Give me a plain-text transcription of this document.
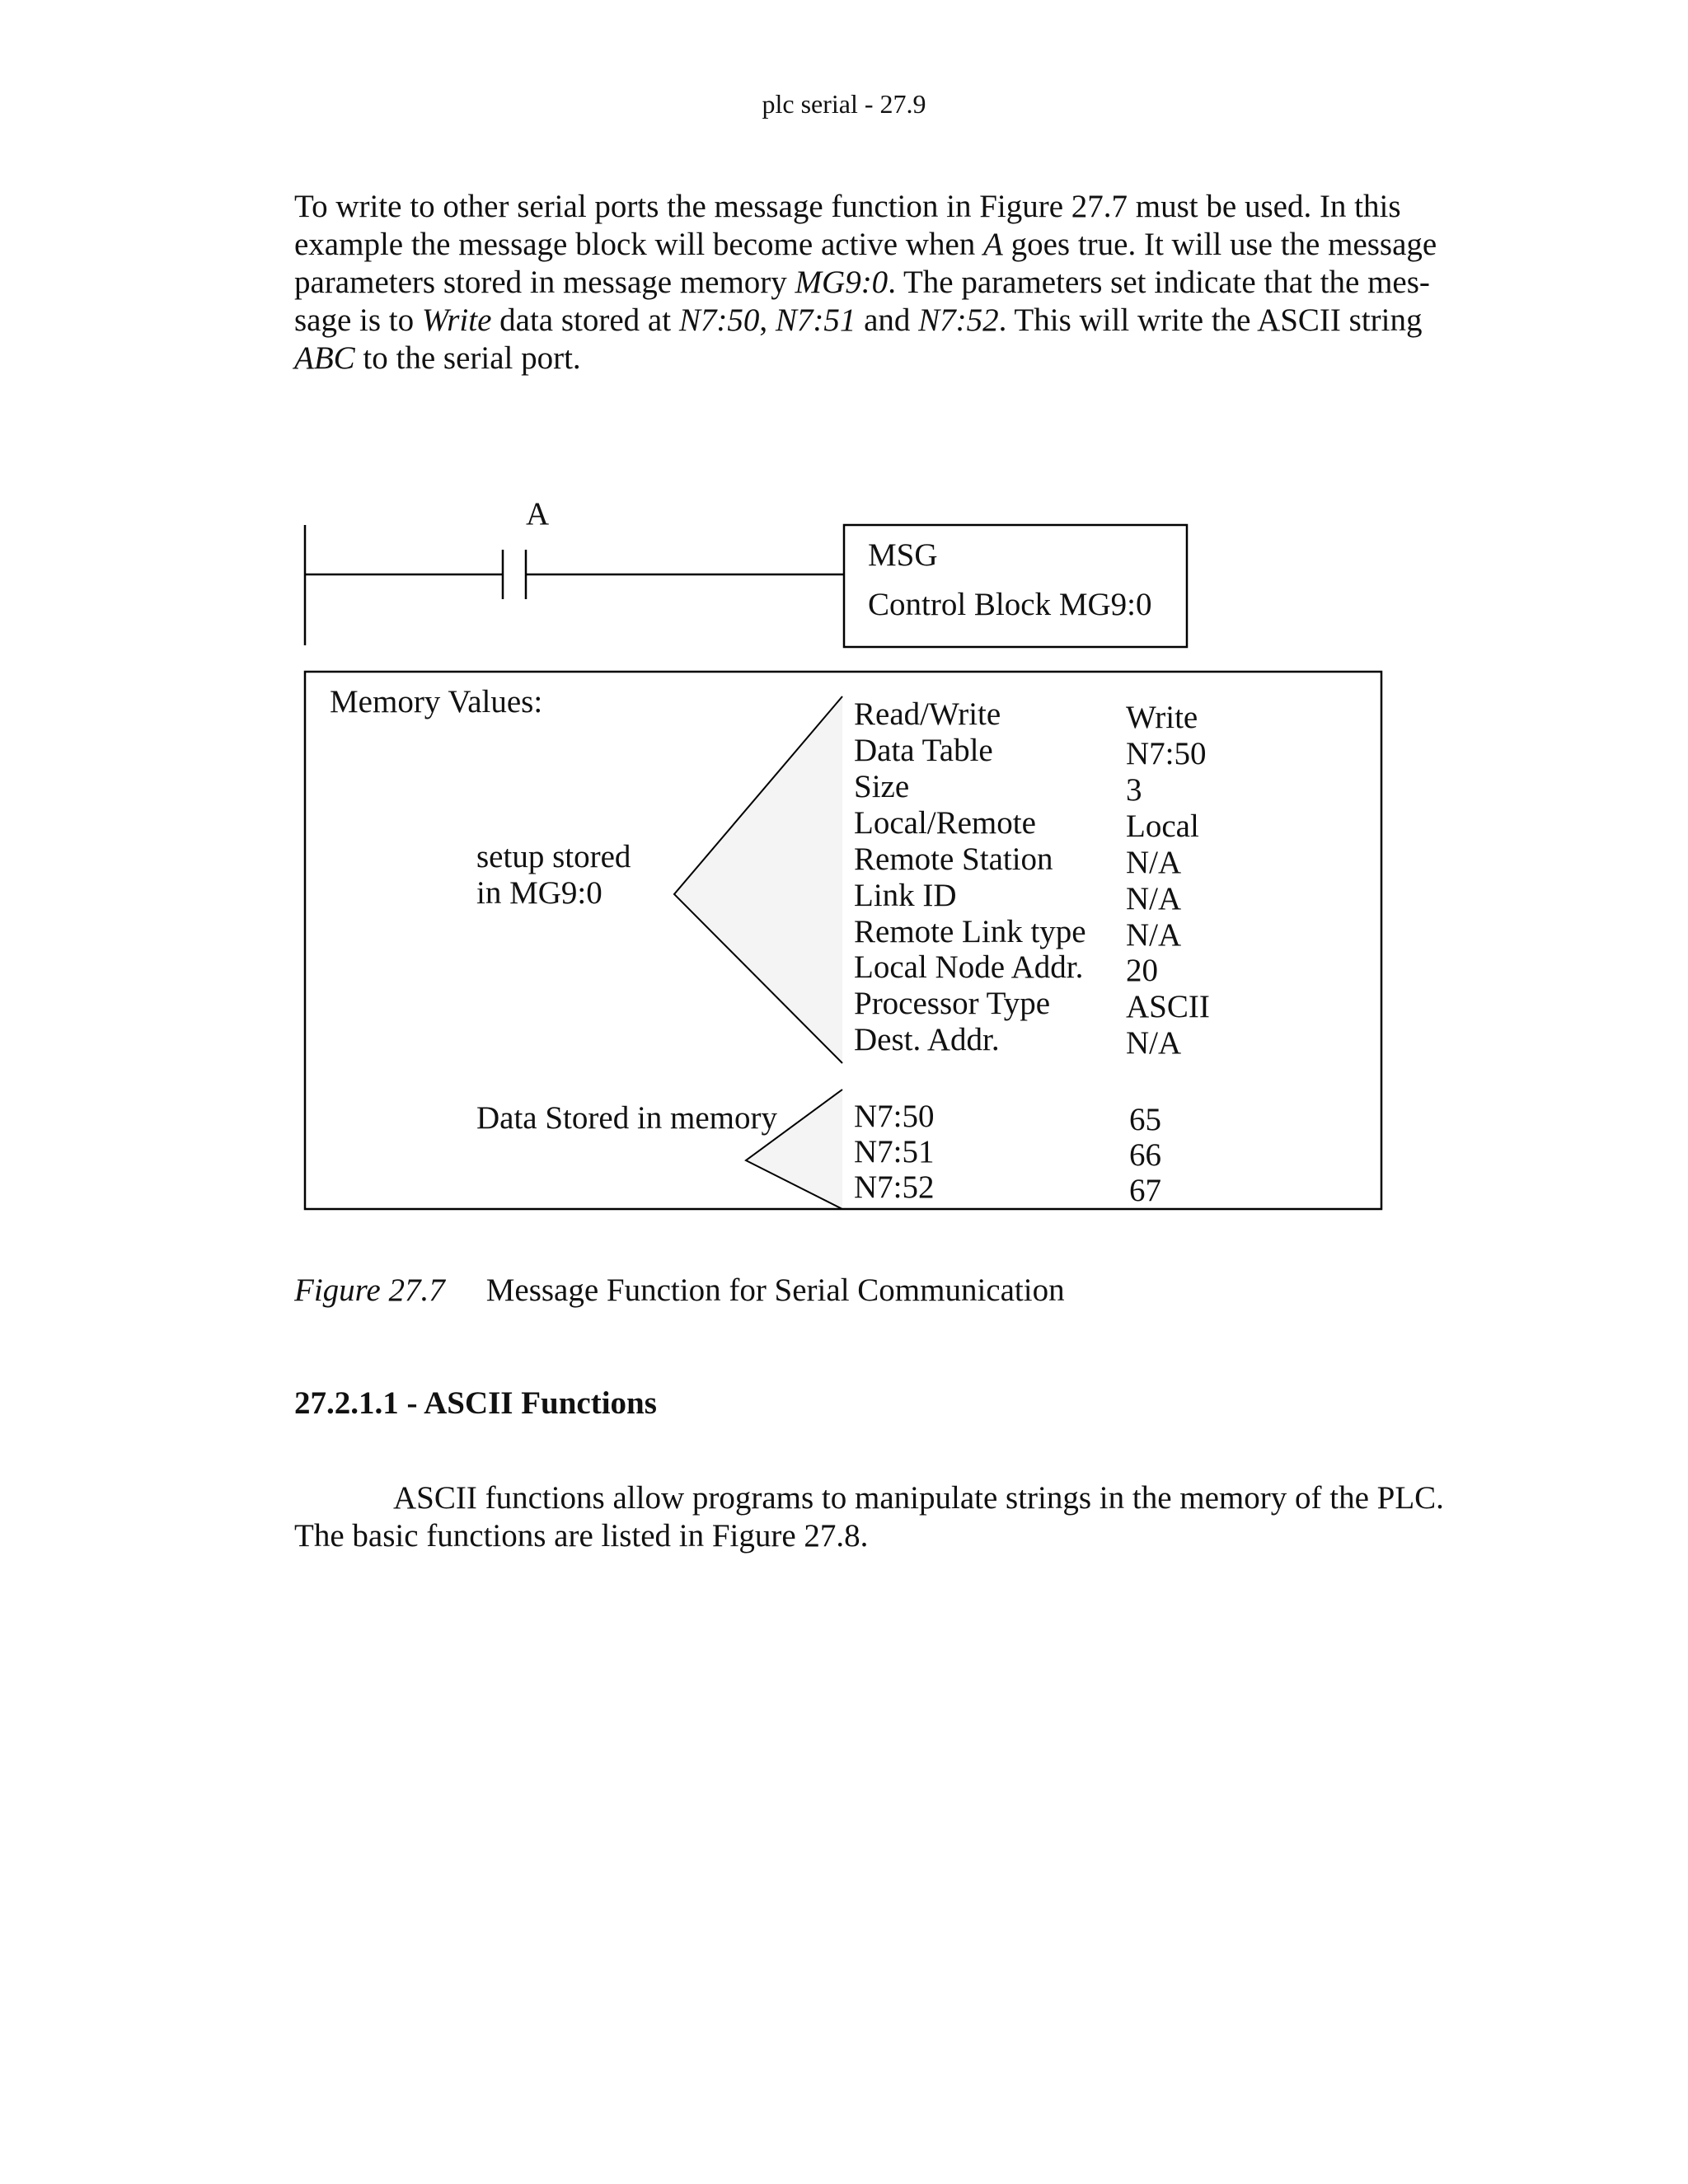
plc serial - 27.9
To write to other serial ports the message function in Figure 27.7 must be used. In this example the message block will become active when A goes true. It will use the message parameters stored in message memory MG9:0. The parameters set indicate that the mes-sage is to Write data stored at N7:50, N7:51 and N7:52. This will write the ASCII string ABC to the serial port.
A
MSG
Control Block MG9:0
Memory Values:
setup stored
in MG9:0
Data Stored in memory
Read/Write	Write
Data Table	N7:50
Size	3
Local/Remote	Local
Remote Station N/A
Link ID	N/A
Remote Link type N/A
Local Node Addr. 20
Processor Type ASCII
Dest. Addr.	N/A
N7:50	65
N7:51	66
N7:52	67
Figure 27.7 Message Function for Serial Communication
27.2.1.1 - ASCII Functions
ASCII functions allow programs to manipulate strings in the memory of the PLC. The basic functions are listed in Figure 27.8.
